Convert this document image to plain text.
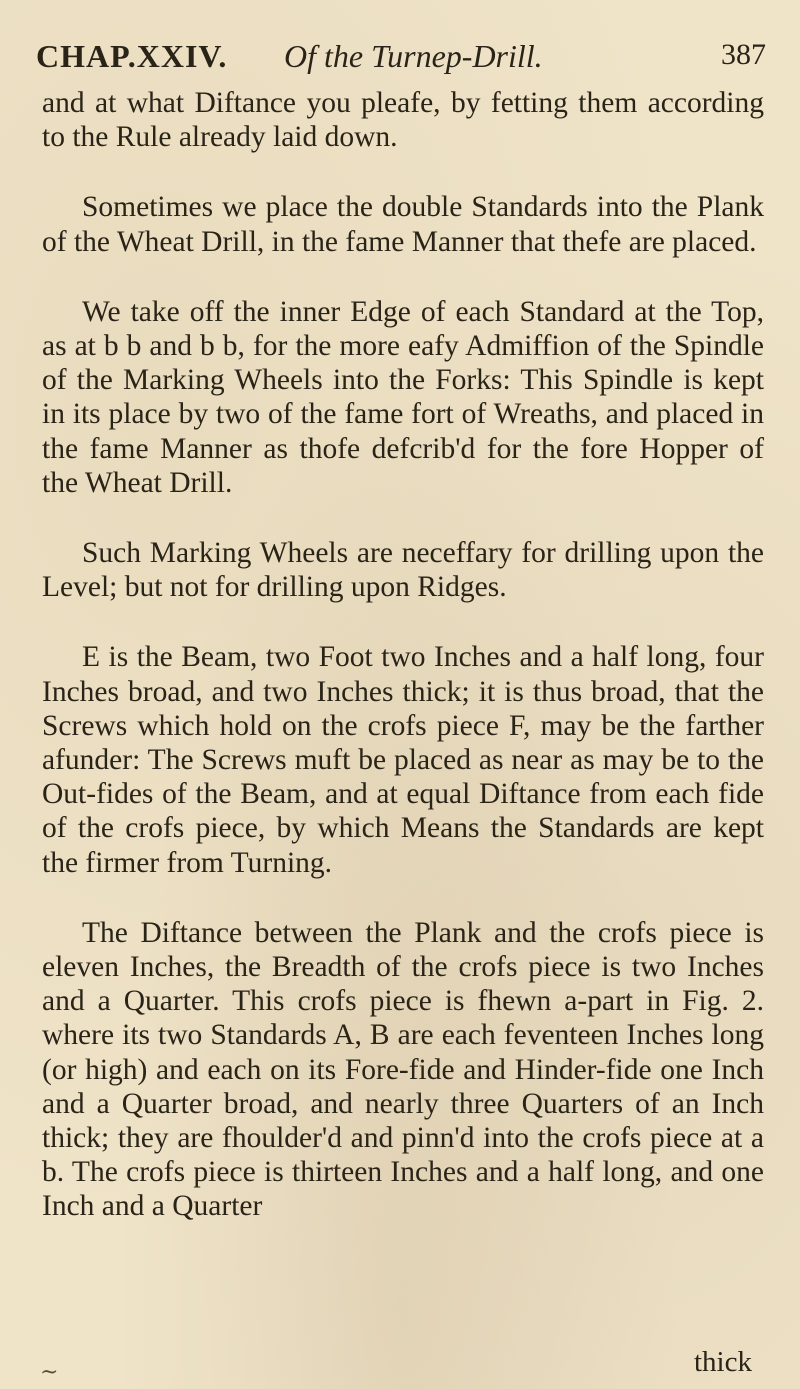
CHAP.XXIV. Of the Turnep-Drill.	387

and at what Diftance you pleafe, by fetting them according to the Rule already laid down.

Sometimes we place the double Standards into the Plank of the Wheat Drill, in the fame Manner that thefe are placed.

We take off the inner Edge of each Standard at the Top, as at b b and b b, for the more eafy Admiffion of the Spindle of the Marking Wheels into the Forks: This Spindle is kept in its place by two of the fame fort of Wreaths, and placed in the fame Manner as thofe defcrib'd for the fore Hopper of the Wheat Drill.

Such Marking Wheels are neceffary for drilling upon the Level; but not for drilling upon Ridges.

E is the Beam, two Foot two Inches and a half long, four Inches broad, and two Inches thick; it is thus broad, that the Screws which hold on the crofs piece F, may be the farther afunder: The Screws muft be placed as near as may be to the Out-fides of the Beam, and at equal Diftance from each fide of the crofs piece, by which Means the Standards are kept the firmer from Turning.

The Diftance between the Plank and the crofs piece is eleven Inches, the Breadth of the crofs piece is two Inches and a Quarter. This crofs piece is fhewn a-part in Fig. 2. where its two Standards A, B are each feventeen Inches long (or high) and each on its Fore-fide and Hinder-fide one Inch and a Quarter broad, and nearly three Quarters of an Inch thick; they are fhoulder'd and pinn'd into the crofs piece at a b. The crofs piece is thirteen Inches and a half long, and one Inch and a Quarter

thick
~
